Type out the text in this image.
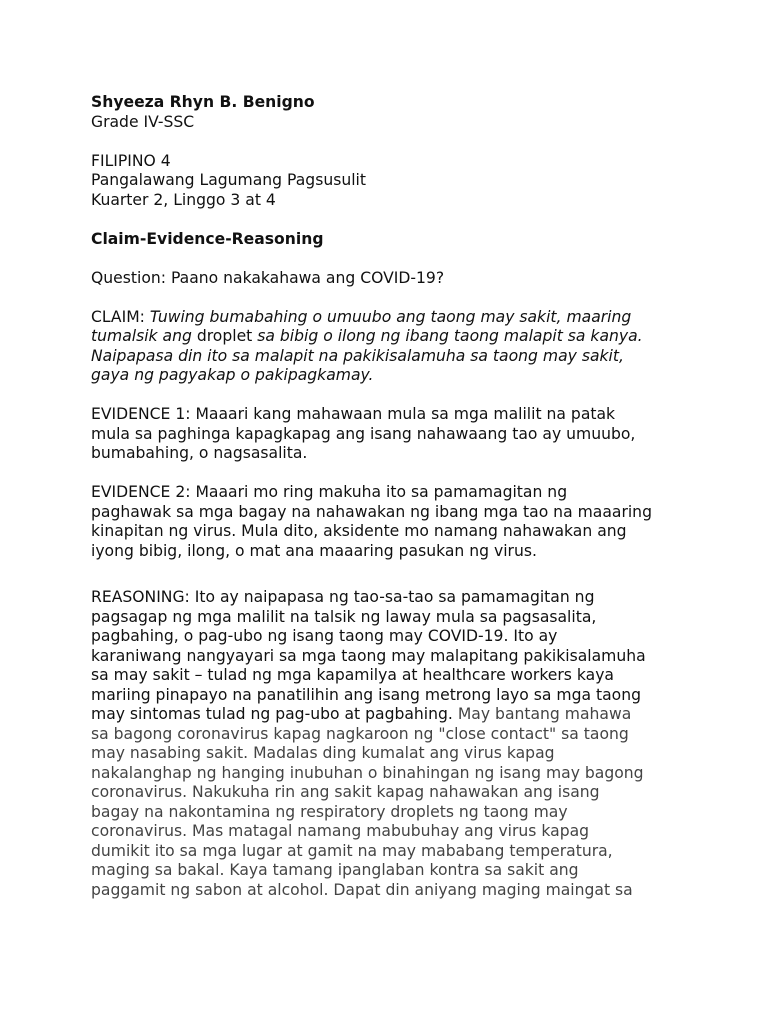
Shyeeza Rhyn B. Benigno
Grade IV-SSC
FILIPINO 4
Pangalawang Lagumang Pagsusulit
Kuarter 2, Linggo 3 at 4
Claim-Evidence-Reasoning
Question: Paano nakakahawa ang COVID-19?
CLAIM: Tuwing bumabahing o umuubo ang taong may sakit, maaring
tumalsik ang droplet sa bibig o ilong ng ibang taong malapit sa kanya.
Naipapasa din ito sa malapit na pakikisalamuha sa taong may sakit,
gaya ng pagyakap o pakipagkamay.
EVIDENCE 1: Maaari kang mahawaan mula sa mga malilit na patak
mula sa paghinga kapagkapag ang isang nahawaang tao ay umuubo,
bumabahing, o nagsasalita.
EVIDENCE 2: Maaari mo ring makuha ito sa pamamagitan ng
paghawak sa mga bagay na nahawakan ng ibang mga tao na maaaring
kinapitan ng virus. Mula dito, aksidente mo namang nahawakan ang
iyong bibig, ilong, o mat ana maaaring pasukan ng virus.
REASONING: Ito ay naipapasa ng tao-sa-tao sa pamamagitan ng
pagsagap ng mga malilit na talsik ng laway mula sa pagsasalita,
pagbahing, o pag-ubo ng isang taong may COVID-19. Ito ay
karaniwang nangyayari sa mga taong may malapitang pakikisalamuha
sa may sakit – tulad ng mga kapamilya at healthcare workers kaya
mariing pinapayo na panatilihin ang isang metrong layo sa mga taong
may sintomas tulad ng pag-ubo at pagbahing. May bantang mahawa
sa bagong coronavirus kapag nagkaroon ng "close contact" sa taong
may nasabing sakit. Madalas ding kumalat ang virus kapag
nakalanghap ng hanging inubuhan o binahingan ng isang may bagong
coronavirus. Nakukuha rin ang sakit kapag nahawakan ang isang
bagay na nakontamina ng respiratory droplets ng taong may
coronavirus. Mas matagal namang mabubuhay ang virus kapag
dumikit ito sa mga lugar at gamit na may mababang temperatura,
maging sa bakal. Kaya tamang ipanglaban kontra sa sakit ang
paggamit ng sabon at alcohol. Dapat din aniyang maging maingat sa
